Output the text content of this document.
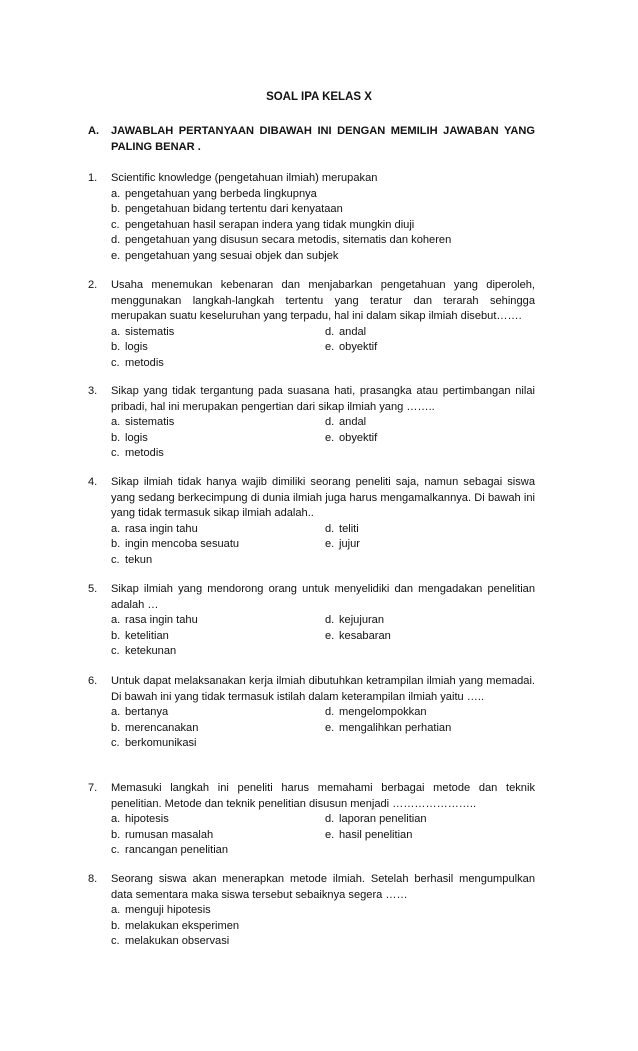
SOAL IPA KELAS X
A. JAWABLAH PERTANYAAN DIBAWAH INI DENGAN MEMILIH JAWABAN YANG PALING BENAR .
1. Scientific knowledge (pengetahuan ilmiah) merupakan
a. pengetahuan yang berbeda lingkupnya
b. pengetahuan bidang tertentu dari kenyataan
c. pengetahuan hasil serapan indera yang tidak mungkin diuji
d. pengetahuan yang disusun secara metodis, sitematis dan koheren
e. pengetahuan yang sesuai objek dan subjek
2. Usaha menemukan kebenaran dan menjabarkan pengetahuan yang diperoleh, menggunakan langkah-langkah tertentu yang teratur dan terarah sehingga merupakan suatu keseluruhan yang terpadu, hal ini dalam sikap ilmiah disebut…….
a. sistematis	d. andal
b. logis	e. obyektif
c. metodis
3. Sikap yang tidak tergantung pada suasana hati, prasangka atau pertimbangan nilai pribadi, hal ini merupakan pengertian dari sikap ilmiah yang ……..
a. sistematis	d. andal
b. logis	e. obyektif
c. metodis
4. Sikap ilmiah tidak hanya wajib dimiliki seorang peneliti saja, namun sebagai siswa yang sedang berkecimpung di dunia ilmiah juga harus mengamalkannya. Di bawah ini yang tidak termasuk sikap ilmiah adalah..
a. rasa ingin tahu	d. teliti
b. ingin mencoba sesuatu	e. jujur
c. tekun
5. Sikap ilmiah yang mendorong orang untuk menyelidiki dan mengadakan penelitian adalah …
a. rasa ingin tahu	d. kejujuran
b. ketelitian	e. kesabaran
c. ketekunan
6. Untuk dapat melaksanakan kerja ilmiah dibutuhkan ketrampilan ilmiah yang memadai. Di bawah ini yang tidak termasuk istilah dalam keterampilan ilmiah yaitu …..
a. bertanya	d. mengelompokkan
b. merencanakan	e. mengalihkan perhatian
c. berkomunikasi
7. Memasuki langkah ini peneliti harus memahami berbagai metode dan teknik penelitian. Metode dan teknik penelitian disusun menjadi …………………..
a. hipotesis	d. laporan penelitian
b. rumusan masalah	e. hasil penelitian
c. rancangan penelitian
8. Seorang siswa akan menerapkan metode ilmiah. Setelah berhasil mengumpulkan data sementara maka siswa tersebut sebaiknya segera ……
a. menguji hipotesis
b. melakukan eksperimen
c. melakukan observasi
